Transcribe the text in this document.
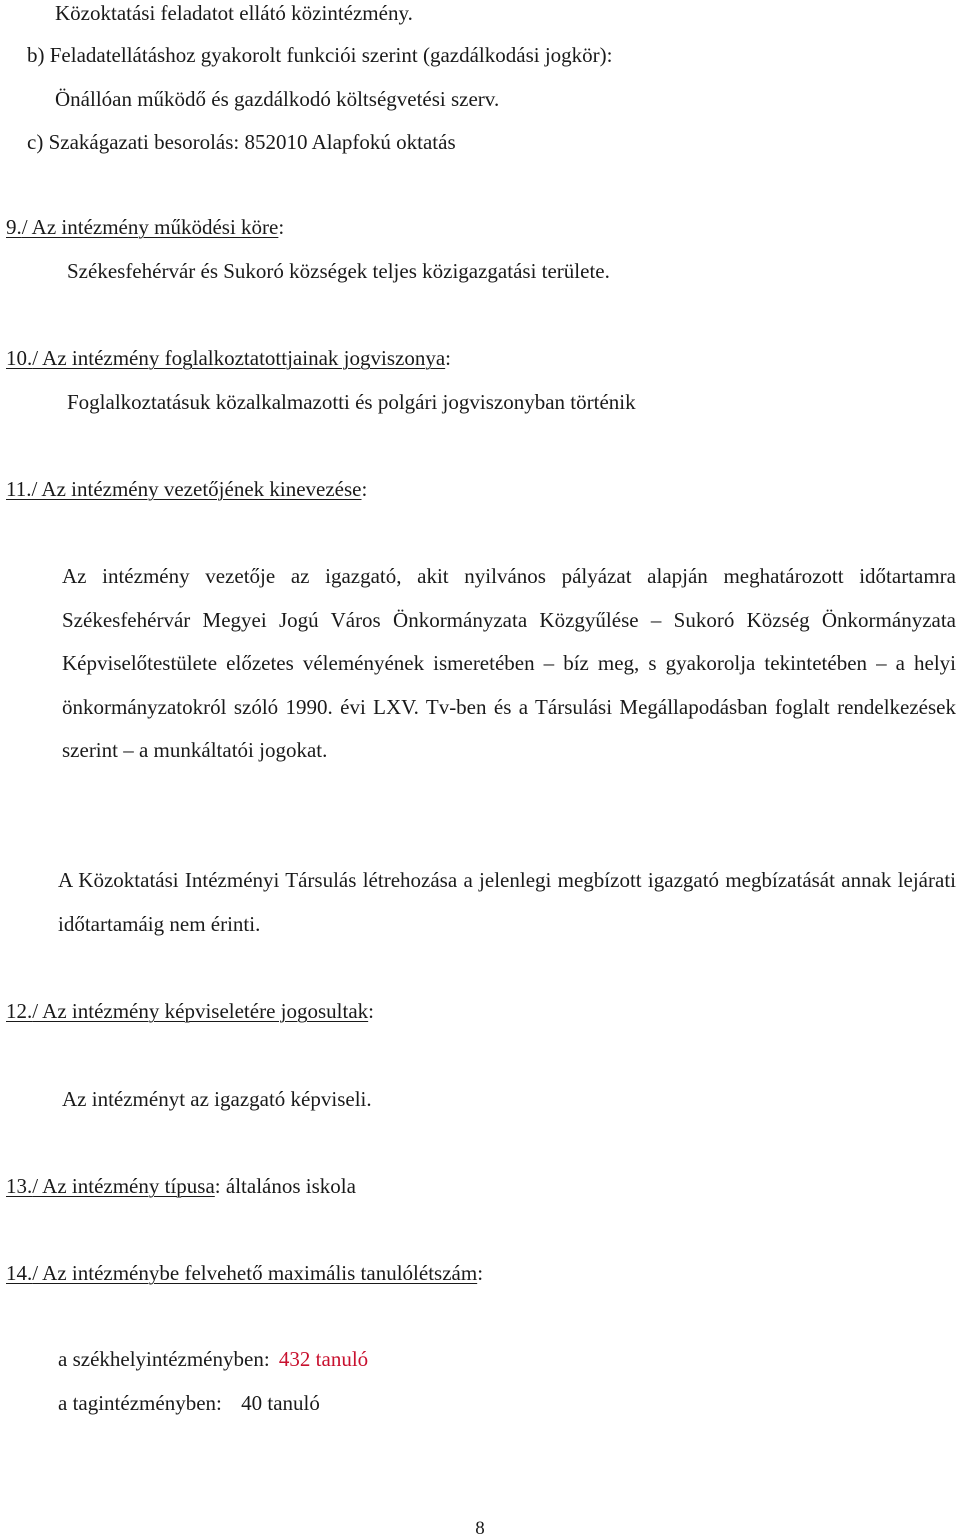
Közoktatási feladatot ellátó közintézmény.
b) Feladatellátáshoz gyakorolt funkciói szerint (gazdálkodási jogkör):
Önállóan működő és gazdálkodó költségvetési szerv.
c) Szakágazati besorolás: 852010 Alapfokú oktatás
9./ Az intézmény működési köre:
Székesfehérvár és Sukoró községek teljes közigazgatási területe.
10./ Az intézmény foglalkoztatottjainak jogviszonya:
Foglalkoztatásuk közalkalmazotti és polgári jogviszonyban történik
11./ Az intézmény vezetőjének kinevezése:
Az intézmény vezetője az igazgató, akit nyilvános pályázat alapján meghatározott időtartamra Székesfehérvár Megyei Jogú Város Önkormányzata Közgyűlése – Sukoró Község Önkormányzata Képviselőtestülete előzetes véleményének ismeretében – bíz meg, s gyakorolja tekintetében – a helyi önkormányzatokról szóló 1990. évi LXV. Tv-ben és a Társulási Megállapodásban foglalt rendelkezések szerint – a munkáltatói jogokat.
A Közoktatási Intézményi Társulás létrehozása a jelenlegi megbízott igazgató megbízatását annak lejárati időtartamáig nem érinti.
12./ Az intézmény képviseletére jogosultak:
Az intézményt az igazgató képviseli.
13./ Az intézmény típusa: általános iskola
14./ Az intézménybe felvehető maximális tanulólétszám:
a székhelyintézményben: 432 tanuló
a tagintézményben: 40 tanuló
8
